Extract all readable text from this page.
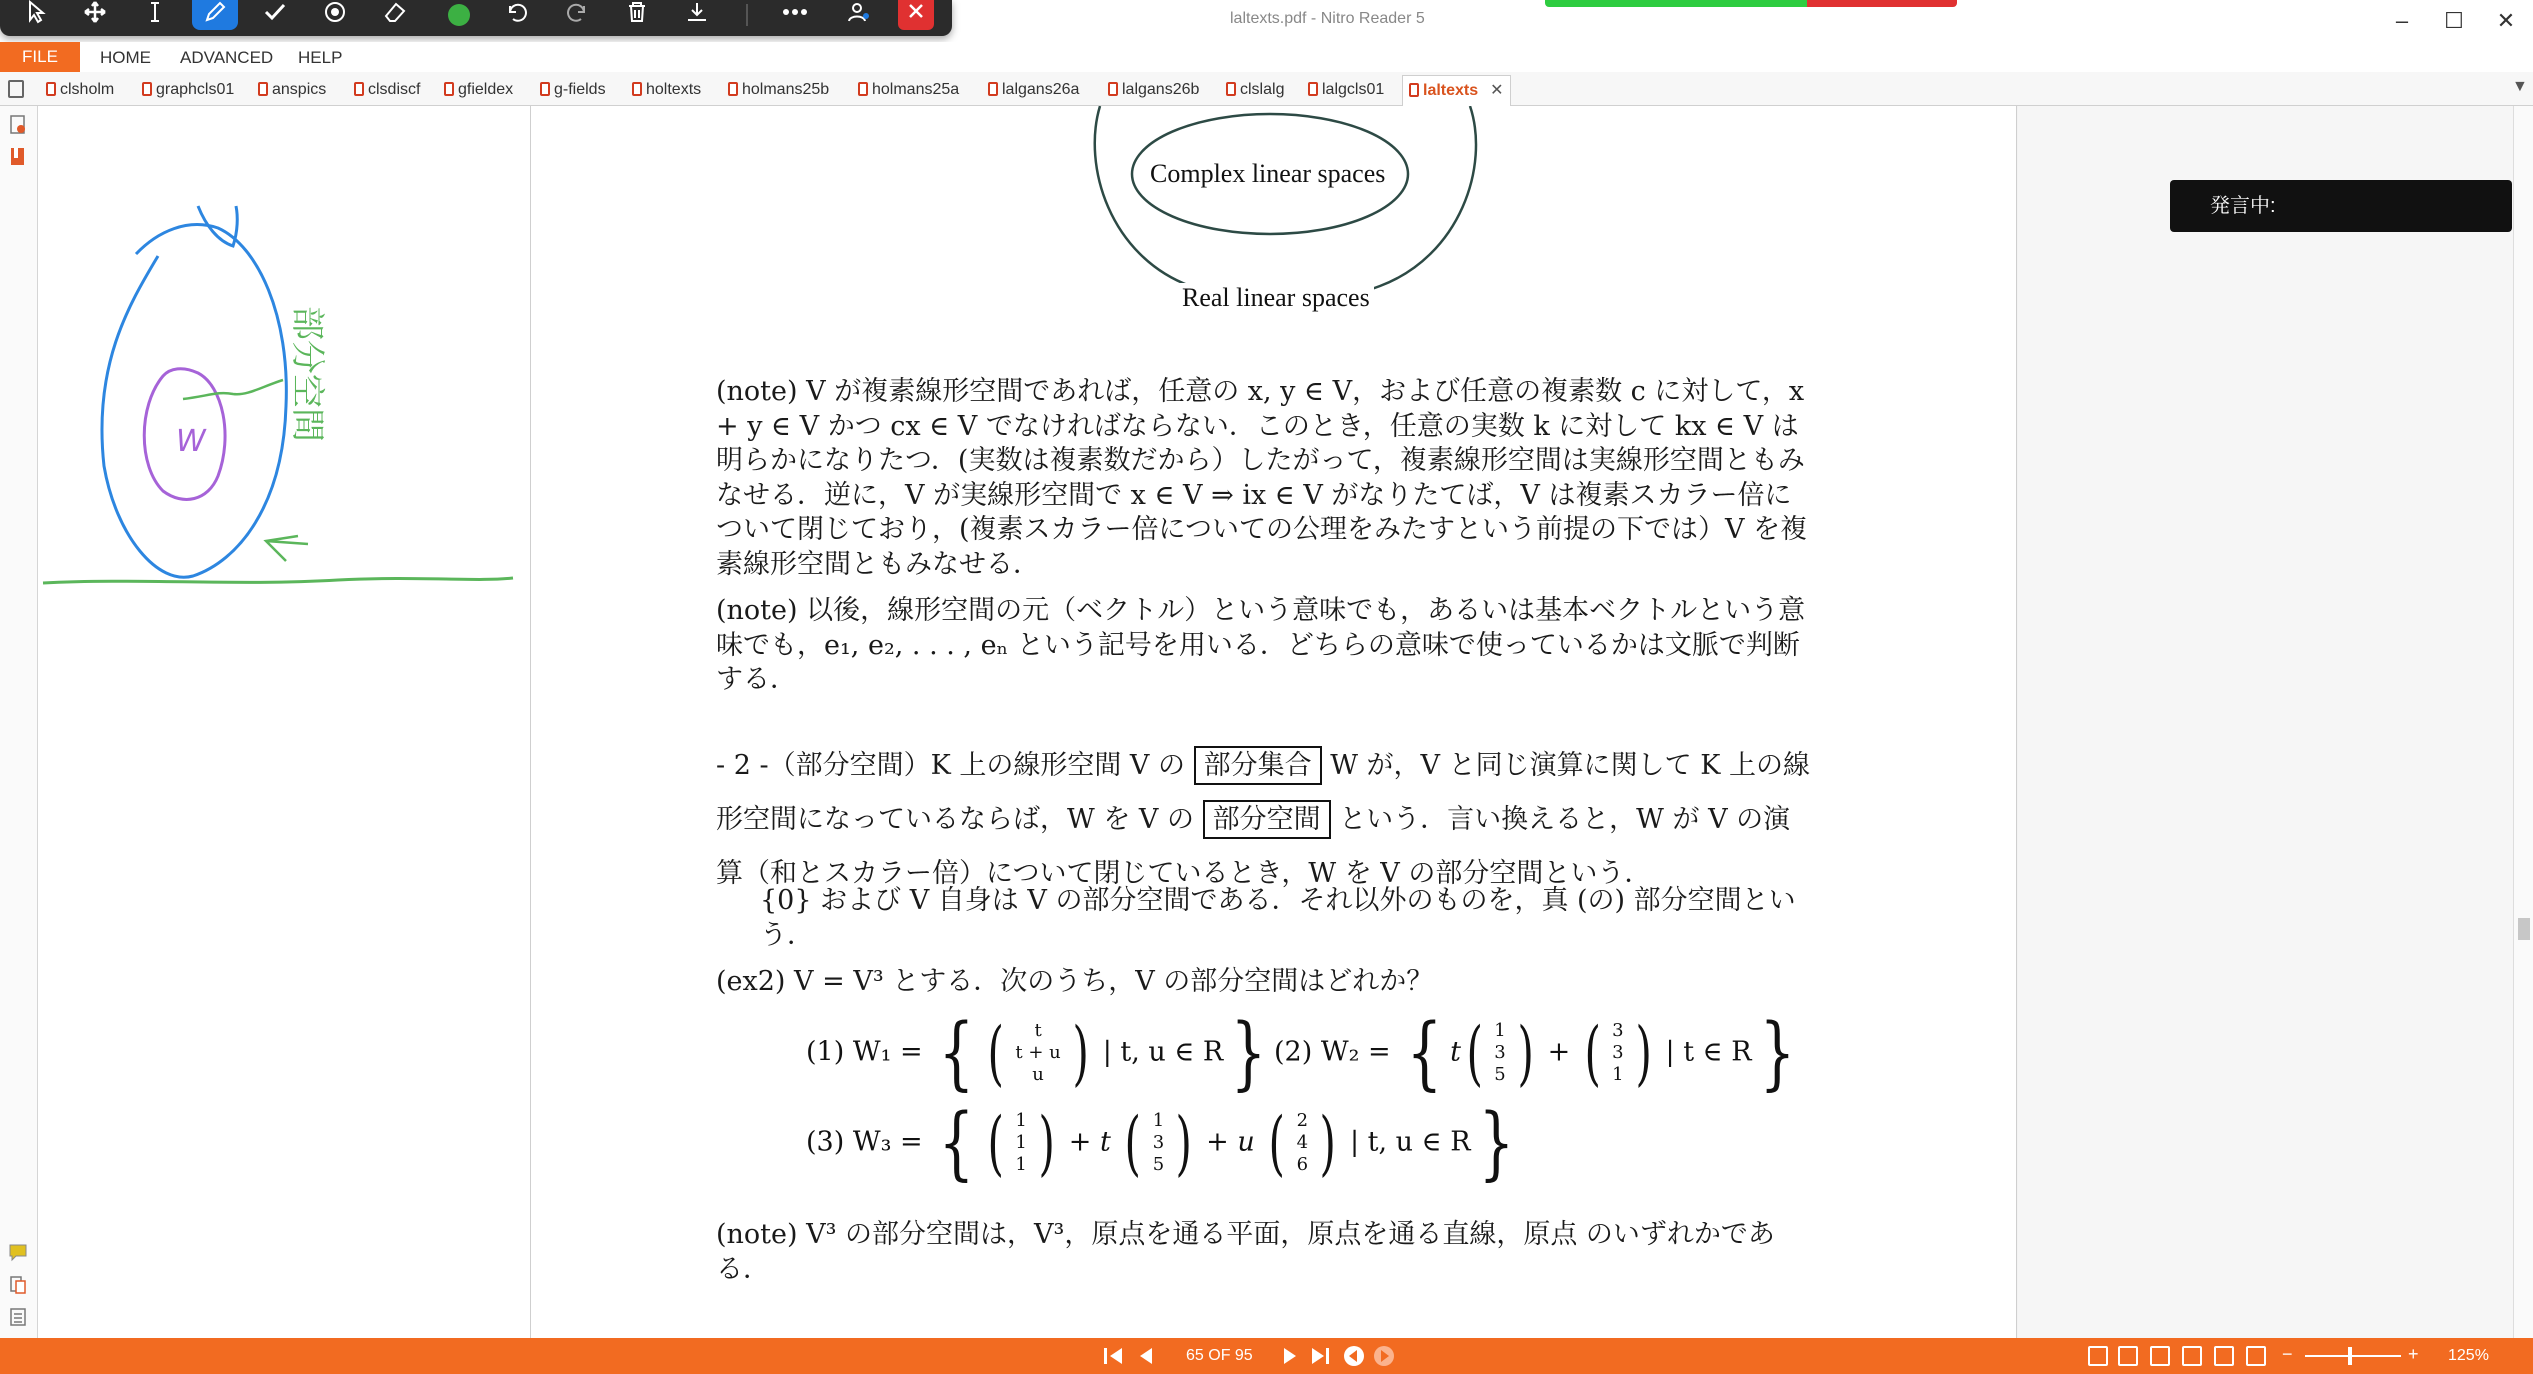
laltexts.pdf - Nitro Reader 5	–	☐	✕
FILE	HOME ADVANCED HELP
clsholm	graphcls01	anspics	clsdiscf	gfieldex	g-fields	holtexts	holmans25b	holmans25a	lalgans26a	lalgans26b	clslalg	lalgcls01	laltexts ✕	▼
W 部分空間
Complex linear spaces
Real linear spaces
(note) V が複素線形空間であれば，任意の x, y ∈ V，および任意の複素数 c に対して，x + y ∈ V かつ cx ∈ V でなければならない．このとき，任意の実数 k に対して kx ∈ V は明らかになりたつ．(実数は複素数だから）したがって，複素線形空間は実線形空間ともみなせる．逆に，V が実線形空間で x ∈ V ⇒ ix ∈ V がなりたてば，V は複素スカラー倍について閉じており，(複素スカラー倍についての公理をみたすという前提の下では）V を複素線形空間ともみなせる．
(note) 以後，線形空間の元（ベクトル）という意味でも，あるいは基本ベクトルという意味でも，e₁, e₂, . . . , eₙ という記号を用いる．どちらの意味で使っているかは文脈で判断する．
- 2 -（部分空間）K 上の線形空間 V の 部分集合 W が，V と同じ演算に関して K 上の線形空間になっているならば，W を V の 部分空間 という．言い換えると，W が V の演算（和とスカラー倍）について閉じているとき，W を V の部分空間という．
{0} および V 自身は V の部分空間である．それ以外のものを，真 (の) 部分空間という．
(ex2) V = V³ とする．次のうち，V の部分空間はどれか？
(1) W₁ = { ( t
t + u
u ) | t, u ∈ R} (2) W₂ = { t( 1
3
5 ) + ( 3
3
1 ) | t ∈ R}
(3) W₃ = { ( 1
1
1 ) + t ( 1
3
5 ) + u ( 2
4
6 ) | t, u ∈ R}
(note) V³ の部分空間は，V³，原点を通る平面，原点を通る直線，原点 のいずれかである．
発言中:
65 OF 95	−	+ 125%
